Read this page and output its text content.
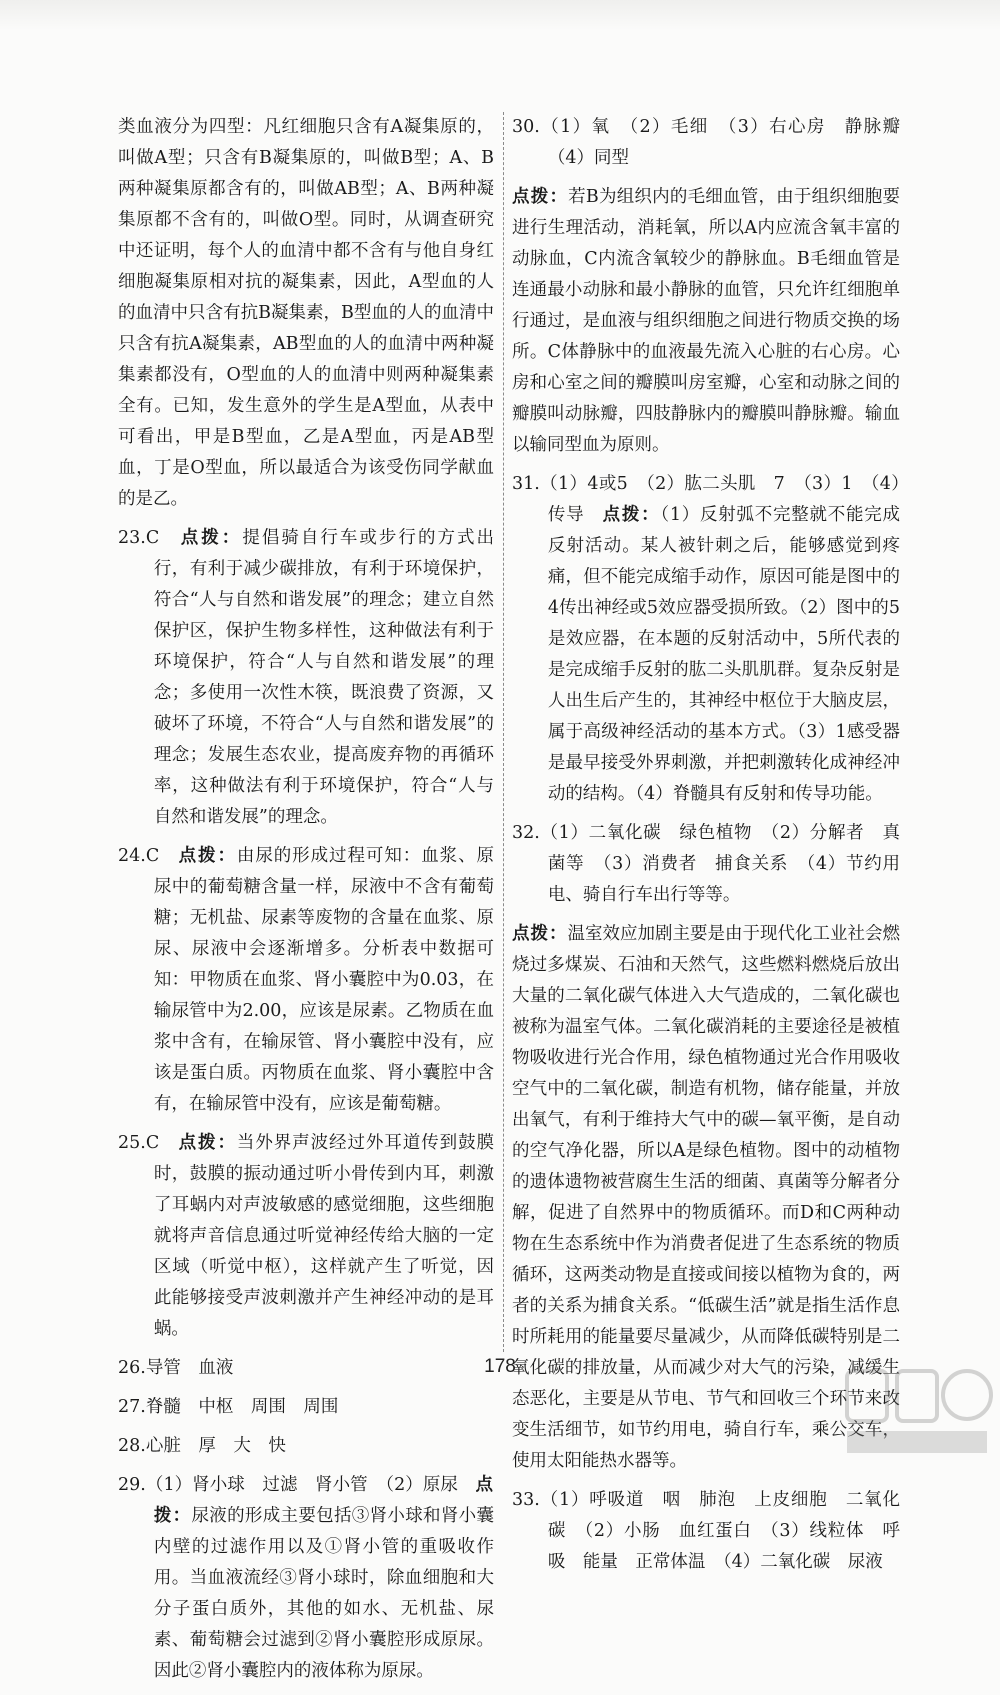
类血液分为四型：凡红细胞只含有A凝集原的，叫做A型；只含有B凝集原的，叫做B型；A、B两种凝集原都含有的，叫做AB型；A、B两种凝集原都不含有的，叫做O型。同时，从调查研究中还证明，每个人的血清中都不含有与他自身红细胞凝集原相对抗的凝集素，因此，A型血的人的血清中只含有抗B凝集素，B型血的人的血清中只含有抗A凝集素，AB型血的人的血清中两种凝集素都没有，O型血的人的血清中则两种凝集素全有。已知，发生意外的学生是A型血，从表中可看出，甲是B型血，乙是A型血，丙是AB型血，丁是O型血，所以最适合为该受伤同学献血的是乙。

23.C　点拨：提倡骑自行车或步行的方式出行，有利于减少碳排放，有利于环境保护，符合“人与自然和谐发展”的理念；建立自然保护区，保护生物多样性，这种做法有利于环境保护，符合“人与自然和谐发展”的理念；多使用一次性木筷，既浪费了资源，又破坏了环境，不符合“人与自然和谐发展”的理念；发展生态农业，提高废弃物的再循环率，这种做法有利于环境保护，符合“人与自然和谐发展”的理念。

24.C　点拨：由尿的形成过程可知：血浆、原尿中的葡萄糖含量一样，尿液中不含有葡萄糖；无机盐、尿素等废物的含量在血浆、原尿、尿液中会逐渐增多。分析表中数据可知：甲物质在血浆、肾小囊腔中为0.03，在输尿管中为2.00，应该是尿素。乙物质在血浆中含有，在输尿管、肾小囊腔中没有，应该是蛋白质。丙物质在血浆、肾小囊腔中含有，在输尿管中没有，应该是葡萄糖。

25.C　点拨：当外界声波经过外耳道传到鼓膜时，鼓膜的振动通过听小骨传到内耳，刺激了耳蜗内对声波敏感的感觉细胞，这些细胞就将声音信息通过听觉神经传给大脑的一定区域（听觉中枢），这样就产生了听觉，因此能够接受声波刺激并产生神经冲动的是耳蜗。

26.导管　血液

27.脊髓　中枢　周围　周围

28.心脏　厚　大　快

29.（1）肾小球　过滤　肾小管　（2）原尿　点拨：尿液的形成主要包括③肾小球和肾小囊内壁的过滤作用以及①肾小管的重吸收作用。当血液流经③肾小球时，除血细胞和大分子蛋白质外，其他的如水、无机盐、尿素、葡萄糖会过滤到②肾小囊腔形成原尿。因此②肾小囊腔内的液体称为原尿。

30.（1）氧　（2）毛细　（3）右心房　静脉瓣　（4）同型

点拨：若B为组织内的毛细血管，由于组织细胞要进行生理活动，消耗氧，所以A内应流含氧丰富的动脉血，C内流含氧较少的静脉血。B毛细血管是连通最小动脉和最小静脉的血管，只允许红细胞单行通过，是血液与组织细胞之间进行物质交换的场所。C体静脉中的血液最先流入心脏的右心房。心房和心室之间的瓣膜叫房室瓣，心室和动脉之间的瓣膜叫动脉瓣，四肢静脉内的瓣膜叫静脉瓣。输血以输同型血为原则。

31.（1）4或5　（2）肱二头肌　7　（3）1　（4）传导　点拨：（1）反射弧不完整就不能完成反射活动。某人被针刺之后，能够感觉到疼痛，但不能完成缩手动作，原因可能是图中的4传出神经或5效应器受损所致。（2）图中的5是效应器，在本题的反射活动中，5所代表的是完成缩手反射的肱二头肌肌群。复杂反射是人出生后产生的，其神经中枢位于大脑皮层，属于高级神经活动的基本方式。（3）1感受器是最早接受外界刺激，并把刺激转化成神经冲动的结构。（4）脊髓具有反射和传导功能。

32.（1）二氧化碳　绿色植物　（2）分解者　真菌等　（3）消费者　捕食关系　（4）节约用电、骑自行车出行等等。

点拨：温室效应加剧主要是由于现代化工业社会燃烧过多煤炭、石油和天然气，这些燃料燃烧后放出大量的二氧化碳气体进入大气造成的，二氧化碳也被称为温室气体。二氧化碳消耗的主要途径是被植物吸收进行光合作用，绿色植物通过光合作用吸收空气中的二氧化碳，制造有机物，储存能量，并放出氧气，有利于维持大气中的碳—氧平衡，是自动的空气净化器，所以A是绿色植物。图中的动植物的遗体遗物被营腐生生活的细菌、真菌等分解者分解，促进了自然界中的物质循环。而D和C两种动物在生态系统中作为消费者促进了生态系统的物质循环，这两类动物是直接或间接以植物为食的，两者的关系为捕食关系。“低碳生活”就是指生活作息时所耗用的能量要尽量减少，从而降低碳特别是二氧化碳的排放量，从而减少对大气的污染，减缓生态恶化，主要是从节电、节气和回收三个环节来改变生活细节，如节约用电，骑自行车，乘公交车，使用太阳能热水器等。

33.（1）呼吸道　咽　肺泡　上皮细胞　二氧化碳　（2）小肠　血红蛋白　（3）线粒体　呼吸　能量　正常体温　（4）二氧化碳　尿液

178
